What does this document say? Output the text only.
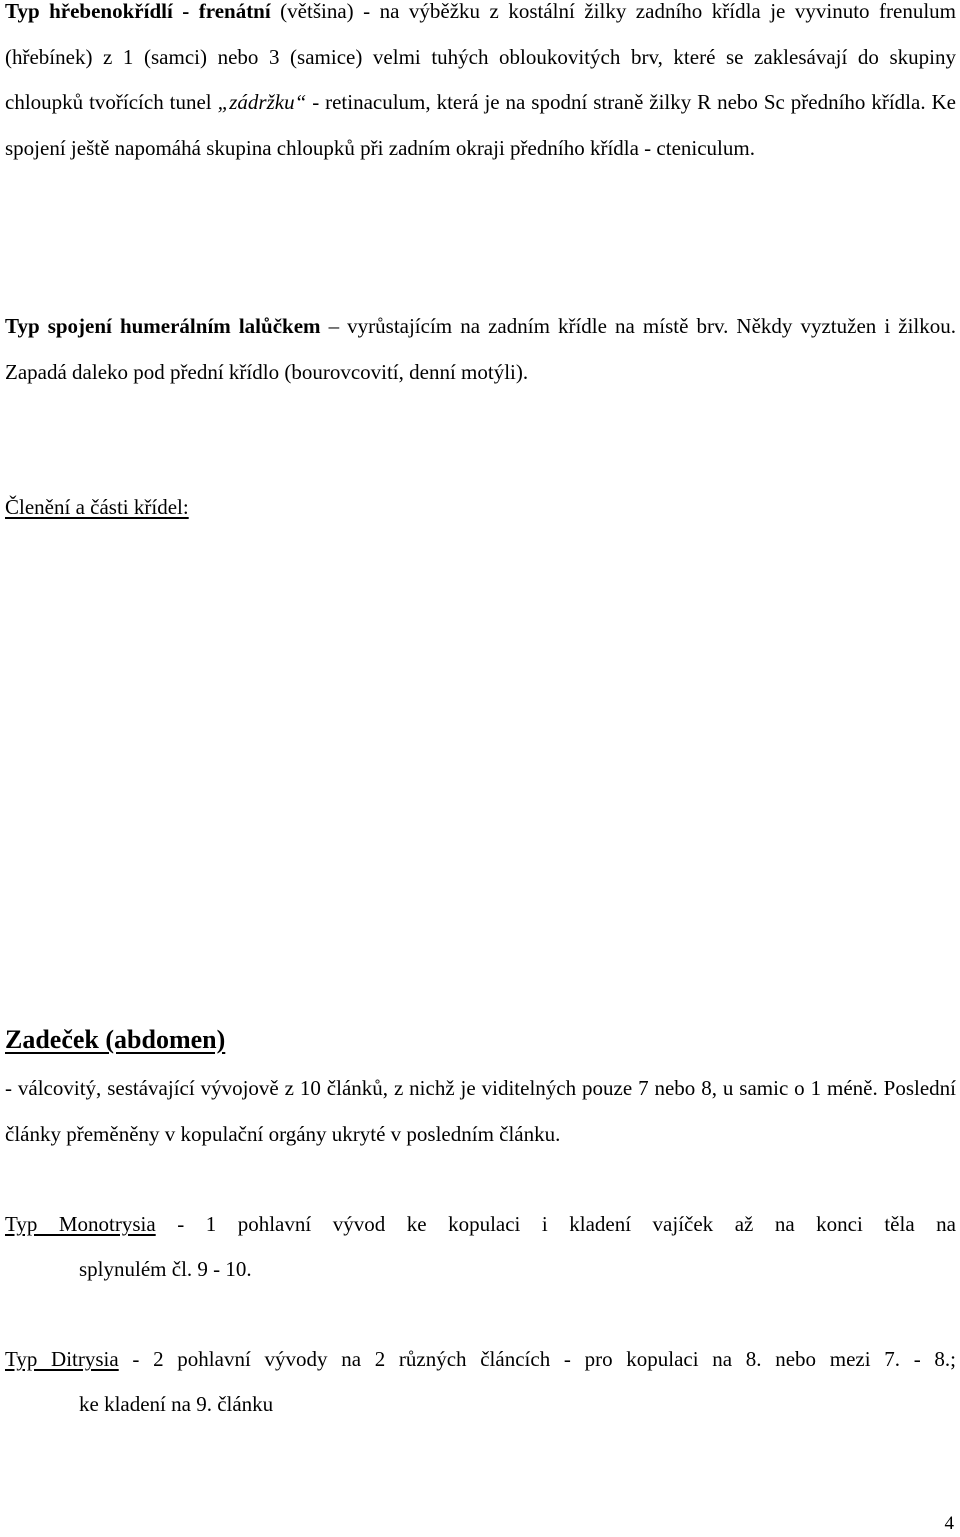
Typ hřebenokřídlí - frenátní (většina) - na výběžku z kostální žilky zadního křídla je vyvinuto frenulum (hřebínek) z 1 (samci) nebo 3 (samice) velmi tuhých obloukovitých brv, které se zaklesávají do skupiny chloupků tvořících tunel „zádržku“ - retinaculum, která je na spodní straně žilky R nebo Sc předního křídla. Ke spojení ještě napomáhá skupina chloupků při zadním okraji předního křídla - cteniculum.

Typ spojení humerálním lalůčkem – vyrůstajícím na zadním křídle na místě brv. Někdy vyztužen i žilkou. Zapadá daleko pod přední křídlo (bourovcovití, denní motýli).

Členění a části křídel:

Zadeček (abdomen)

- válcovitý, sestávající vývojově z 10 článků, z nichž je viditelných pouze 7 nebo 8, u samic o 1 méně. Poslední články přeměněny v kopulační orgány ukryté v posledním článku.

Typ Monotrysia - 1 pohlavní vývod ke kopulaci i kladení vajíček až na konci těla na
splynulém čl. 9 - 10.

Typ Ditrysia - 2 pohlavní vývody na 2 různých článcích - pro kopulaci na 8. nebo mezi 7. - 8.;
ke kladení na 9. článku

4
